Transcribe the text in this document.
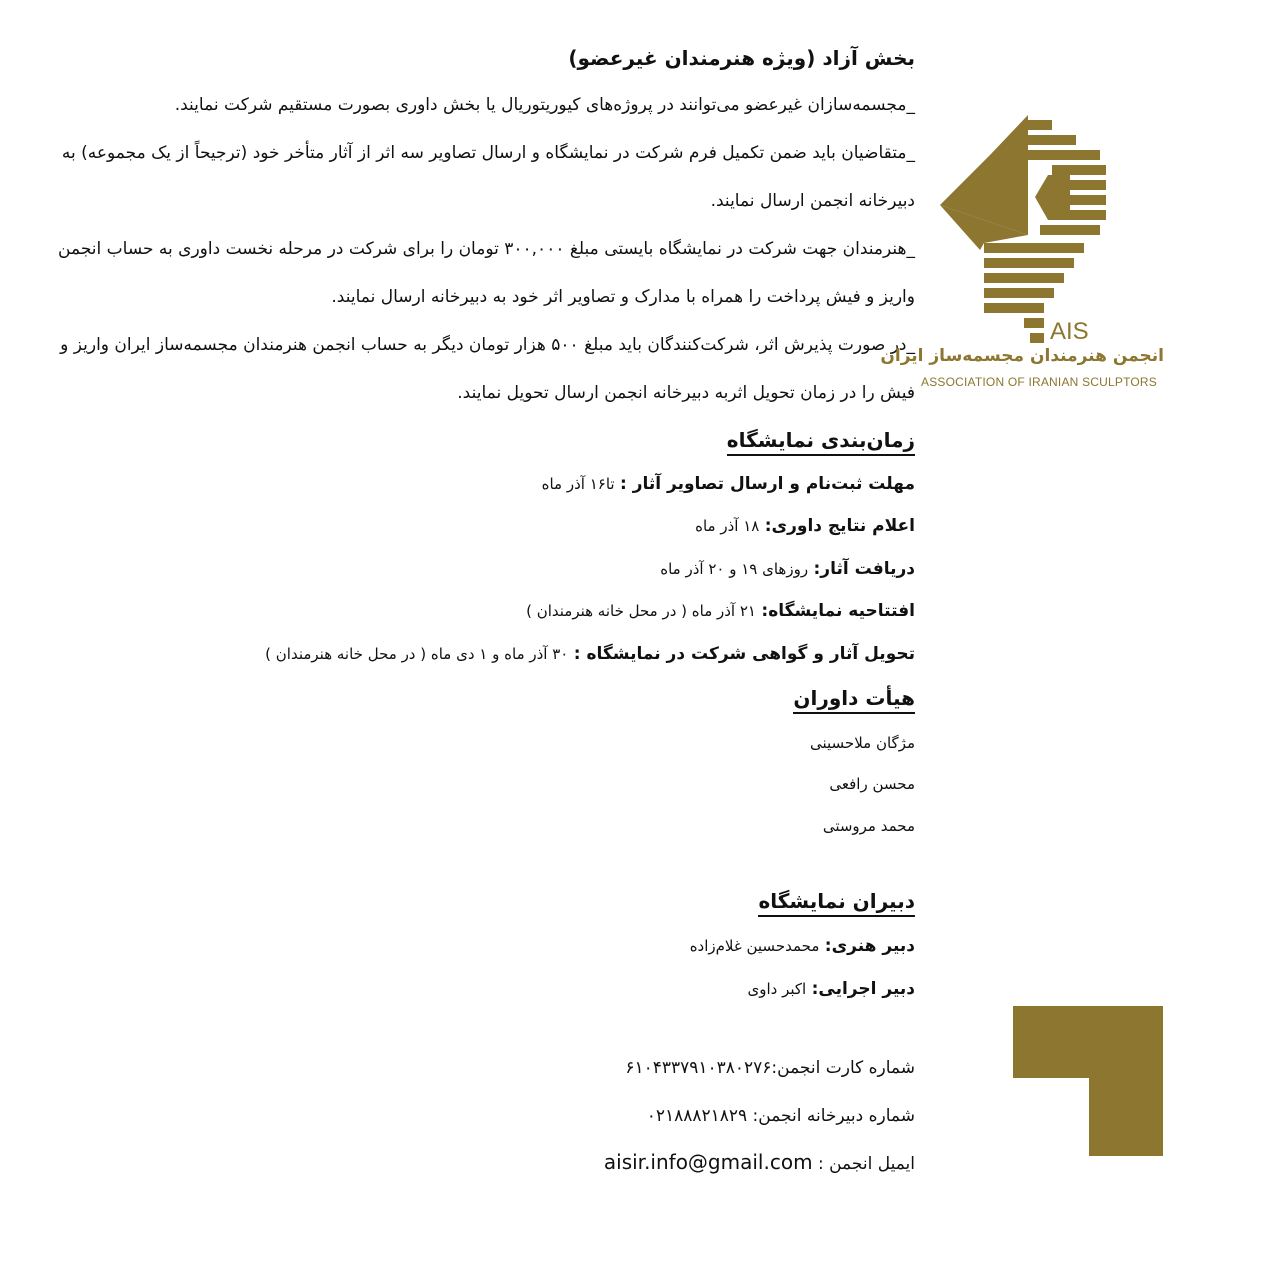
بخش آزاد (ویژه هنرمندان غیرعضو)
_مجسمه‌سازان غیرعضو می‌توانند در پروژه‌های کیوریتوریال یا بخش داوری بصورت مستقیم شرکت نمایند.
_متقاضیان باید ضمن تکمیل فرم شرکت در نمایشگاه و ارسال تصاویر سه اثر از آثار متأخر خود (ترجیحاً از یک مجموعه) به
دبیرخانه انجمن ارسال نمایند.
_هنرمندان جهت شرکت در نمایشگاه بایستی مبلغ ۳۰۰,۰۰۰ تومان را برای شرکت در مرحله نخست داوری به حساب انجمن
واریز و فیش پرداخت را همراه با مدارک و تصاویر اثر خود به دبیرخانه ارسال نمایند.
_در صورت پذیرش اثر، شرکت‌کنندگان باید مبلغ ۵۰۰ هزار تومان دیگر به حساب انجمن هنرمندان مجسمه‌ساز ایران واریز و
فیش را در زمان تحویل اثربه دبیرخانه انجمن ارسال تحویل نمایند.
زمان‌بندی نمایشگاه
مهلت ثبت‌نام و ارسال تصاویر آثار : تا۱۶ آذر ماه
اعلام نتایج داوری: ۱۸ آذر ماه
دریافت آثار: روزهای ۱۹ و ۲۰ آذر ماه
افتتاحیه نمایشگاه: ۲۱ آذر ماه ( در محل خانه هنرمندان )
تحویل آثار و گواهی شرکت در نمایشگاه : ۳۰ آذر ماه و ۱ دی ماه ( در محل خانه هنرمندان )
هیأت داوران
مژگان ملاحسینی
محسن رافعی
محمد مروستی
دبیران نمایشگاه
دبیر هنری: محمدحسین غلام‌زاده
دبیر اجرایی: اکبر داوی
شماره کارت انجمن:۶۱۰۴۳۳۷۹۱۰۳۸۰۲۷۶
شماره دبیرخانه انجمن: ۰۲۱۸۸۸۲۱۸۲۹
ایمیل انجمن : aisir.info@gmail.com
AIS
انجمن هنرمندان مجسمه‌ساز ایران
ASSOCIATION OF IRANIAN SCULPTORS
